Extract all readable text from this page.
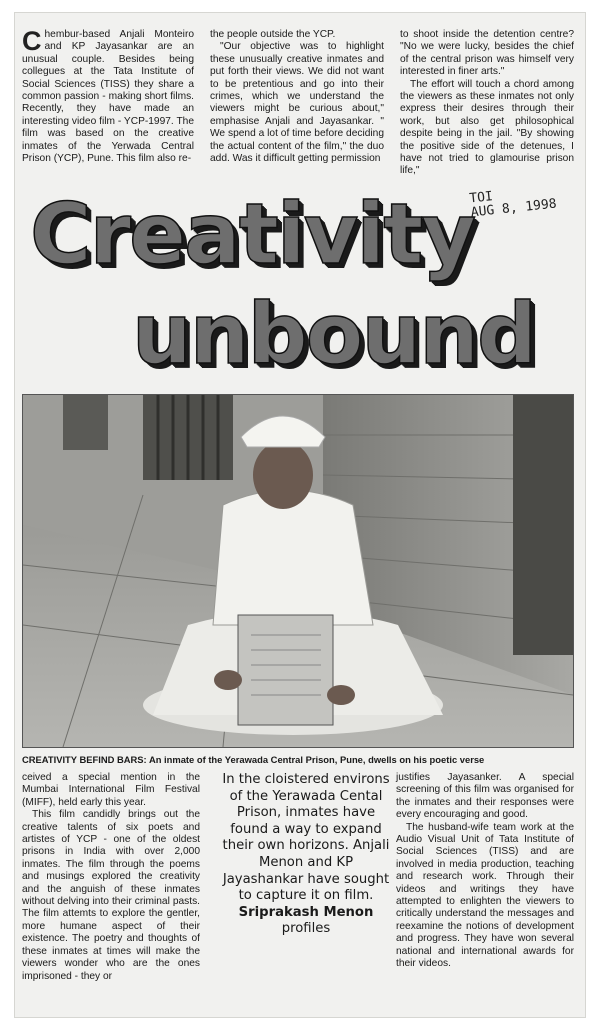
Chembur-based Anjali Monteiro and KP Jayasankar are an unusual couple. Besides being collegues at the Tata Institute of Social Sciences (TISS) they share a common passion - making short films. Recently, they have made an interesting video film - YCP-1997. The film was based on the creative inmates of the Yerwada Central Prison (YCP), Pune. This film also re-

the people outside the YCP.

"Our objective was to highlight these unusually creative inmates and put forth their views. We did not want to be pretentious and go into their crimes, which we understand the viewers might be curious about," emphasise Anjali and Jayasankar. " We spend a lot of time before deciding the actual content of the film," the duo add. Was it difficult getting permission

to shoot inside the detention centre? "No we were lucky, besides the chief of the central prison was himself very interested in finer arts."

The effort will touch a chord among the viewers as these inmates not only express their desires through their work, but also get philosophical despite being in the jail. "By showing the positive side of the detenues, I have not tried to glamourise prison life,"

TOI
AUG 8, 1998
Creativity
unbound
CREATIVITY BEFIND BARS: An inmate of the Yerawada Central Prison, Pune, dwells on his poetic verse

ceived a special mention in the Mumbai International Film Festival (MIFF), held early this year.

This film candidly brings out the creative talents of six poets and artistes of YCP - one of the oldest prisons in India with over 2,000 inmates. The film through the poems and musings explored the creativity and the anguish of these inmates without delving into their criminal pasts. The film attemts to explore the gentler, more humane aspect of their existence. The poetry and thoughts of these inmates at times will make the viewers wonder who are the ones imprisoned - they or

In the cloistered environs of the Yerawada Cental Prison, inmates have found a way to expand their own horizons. Anjali Menon and KP Jayashankar have sought to capture it on film. Sriprakash Menon profiles

justifies Jayasanker. A special screening of this film was organised for the inmates and their responses were every encouraging and good.

The husband-wife team work at the Audio Visual Unit of Tata Institute of Social Sciences (TISS) and are involved in media production, teaching and research work. Through their videos and writings they have attempted to enlighten the viewers to critically understand the messages and reexamine the notions of development and progress. They have won several national and international awards for their videos.
